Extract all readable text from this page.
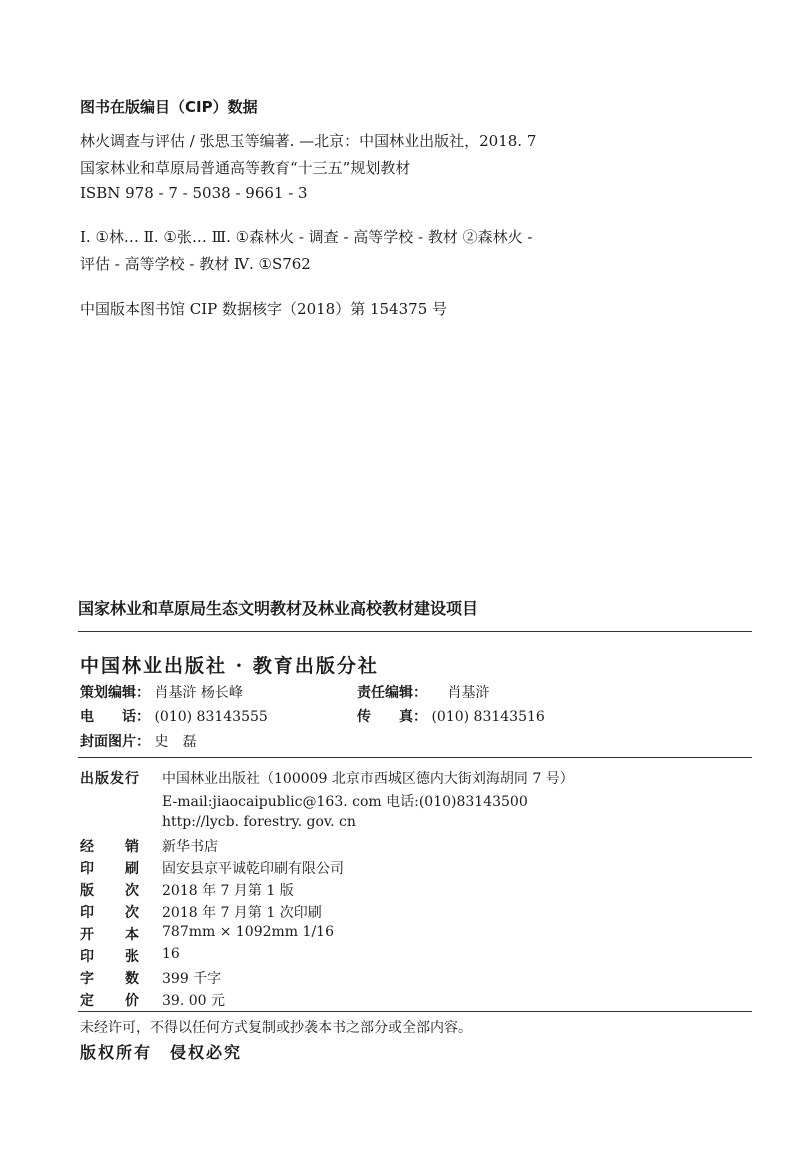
图书在版编目（CIP）数据
林火调查与评估 / 张思玉等编著. —北京：中国林业出版社，2018. 7
国家林业和草原局普通高等教育“十三五”规划教材
ISBN 978 - 7 - 5038 - 9661 - 3
Ⅰ. ①林… Ⅱ. ①张… Ⅲ. ①森林火 - 调查 - 高等学校 - 教材 ②森林火 -
评估 - 高等学校 - 教材 Ⅳ. ①S762
中国版本图书馆 CIP 数据核字（2018）第 154375 号
国家林业和草原局生态文明教材及林业高校教材建设项目
中国林业出版社 · 教育出版分社
策划编辑： 肖基浒 杨长峰	责任编辑： 肖基浒
电　　话： (010) 83143555	传　　真： (010) 83143516
封面图片： 史　磊
出版发行 中国林业出版社（100009 北京市西城区德内大街刘海胡同 7 号）
E-mail:jiaocaipublic@163. com 电话:(010)83143500
http://lycb. forestry. gov. cn
经　　销 新华书店
印　　刷 固安县京平诚乾印刷有限公司
版　　次 2018 年 7 月第 1 版
印　　次 2018 年 7 月第 1 次印刷
开　　本 787mm × 1092mm 1/16
印　　张 16
字　　数 399 千字
定　　价 39. 00 元
未经许可，不得以任何方式复制或抄袭本书之部分或全部内容。
版权所有　侵权必究
